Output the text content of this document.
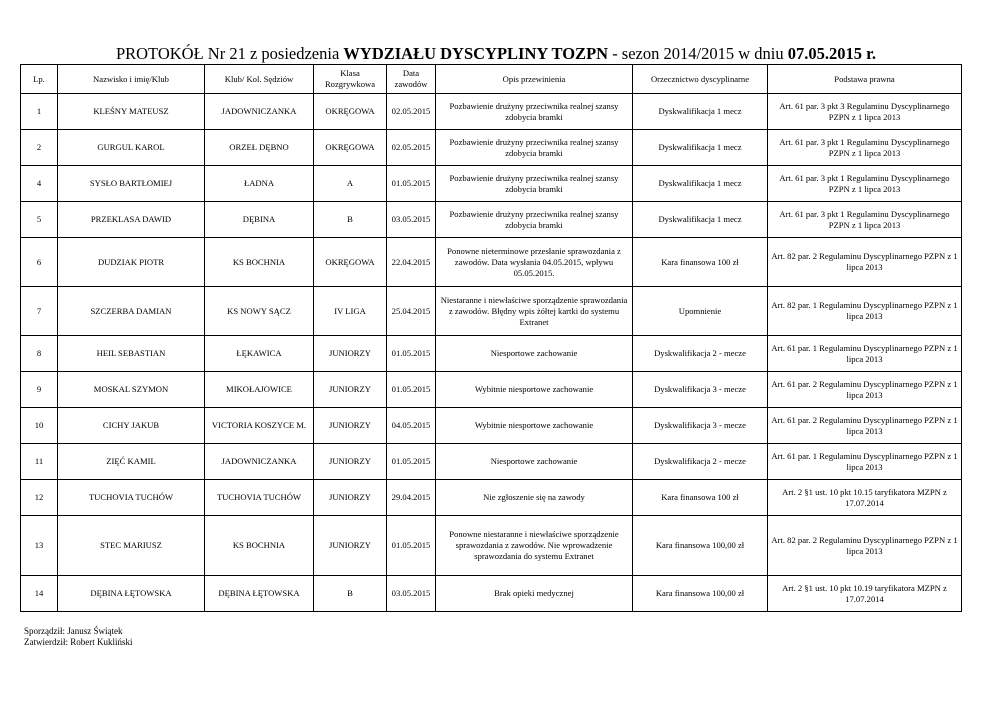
PROTOKÓŁ Nr 21 z posiedzenia WYDZIAŁU DYSCYPLINY TOZPN - sezon 2014/2015 w dniu 07.05.2015 r.
Lp.	Nazwisko i imię/Klub	Klub/ Kol. Sędziów	Klasa Rozgrywkowa	Data zawodów	Opis przewinienia	Orzecznictwo dyscyplinarne	Podstawa prawna
1	KLEŚNY MATEUSZ	JADOWNICZANKA	OKRĘGOWA	02.05.2015	Pozbawienie drużyny przeciwnika realnej szansy zdobycia bramki	Dyskwalifikacja 1 mecz	Art. 61 par. 3 pkt 3 Regulaminu Dyscyplinarnego PZPN z 1 lipca 2013
2	GURGUL KAROL	ORZEŁ DĘBNO	OKRĘGOWA	02.05.2015	Pozbawienie drużyny przeciwnika realnej szansy zdobycia bramki	Dyskwalifikacja 1 mecz	Art. 61 par. 3 pkt 1 Regulaminu Dyscyplinarnego PZPN z 1 lipca 2013
4	SYSŁO BARTŁOMIEJ	ŁADNA	A	01.05.2015	Pozbawienie drużyny przeciwnika realnej szansy zdobycia bramki	Dyskwalifikacja 1 mecz	Art. 61 par. 3 pkt 1 Regulaminu Dyscyplinarnego PZPN z 1 lipca 2013
5	PRZEKLASA DAWID	DĘBINA	B	03.05.2015	Pozbawienie drużyny przeciwnika realnej szansy zdobycia bramki	Dyskwalifikacja 1 mecz	Art. 61 par. 3 pkt 1 Regulaminu Dyscyplinarnego PZPN z 1 lipca 2013
6	DUDZIAK PIOTR	KS BOCHNIA	OKRĘGOWA	22.04.2015	Ponowne nieterminowe przesłanie sprawozdania z zawodów. Data wysłania 04.05.2015, wpływu 05.05.2015.	Kara finansowa 100 zł	Art. 82 par. 2 Regulaminu Dyscyplinarnego PZPN z 1 lipca 2013
7	SZCZERBA DAMIAN	KS NOWY SĄCZ	IV LIGA	25.04.2015	Niestaranne i niewłaściwe sporządzenie sprawozdania z zawodów. Błędny wpis żółtej kartki do systemu Extranet	Upomnienie	Art. 82 par. 1 Regulaminu Dyscyplinarnego PZPN z 1 lipca 2013
8	HEIL SEBASTIAN	ŁĘKAWICA	JUNIORZY	01.05.2015	Niesportowe zachowanie	Dyskwalifikacja 2 - mecze	Art. 61 par. 1 Regulaminu Dyscyplinarnego PZPN z 1 lipca 2013
9	MOSKAL SZYMON	MIKOŁAJOWICE	JUNIORZY	01.05.2015	Wybitnie niesportowe zachowanie	Dyskwalifikacja 3 - mecze	Art. 61 par. 2 Regulaminu Dyscyplinarnego PZPN z 1 lipca 2013
10	CICHY JAKUB	VICTORIA KOSZYCE M.	JUNIORZY	04.05.2015	Wybitnie niesportowe zachowanie	Dyskwalifikacja 3 - mecze	Art. 61 par. 2 Regulaminu Dyscyplinarnego PZPN z 1 lipca 2013
11	ZIĘĆ KAMIL	JADOWNICZANKA	JUNIORZY	01.05.2015	Niesportowe zachowanie	Dyskwalifikacja 2 - mecze	Art. 61 par. 1 Regulaminu Dyscyplinarnego PZPN z 1 lipca 2013
12	TUCHOVIA TUCHÓW	TUCHOVIA TUCHÓW	JUNIORZY	29.04.2015	Nie zgłoszenie się na zawody	Kara finansowa 100 zł	Art. 2 §1 ust. 10 pkt 10.15 taryfikatora MZPN z 17.07.2014
13	STEC MARIUSZ	KS BOCHNIA	JUNIORZY	01.05.2015	Ponowne niestaranne i niewłaściwe sporządzenie sprawozdania z zawodów. Nie wprowadzenie sprawozdania do systemu Extranet	Kara finansowa 100,00 zł	Art. 82 par. 2 Regulaminu Dyscyplinarnego PZPN z 1 lipca 2013
14	DĘBINA ŁĘTOWSKA	DĘBINA ŁĘTOWSKA	B	03.05.2015	Brak opieki medycznej	Kara finansowa 100,00 zł	Art. 2 §1 ust. 10 pkt 10.19 taryfikatora MZPN z 17.07.2014
Sporządził: Janusz Świątek
Zatwierdził: Robert Kukliński
